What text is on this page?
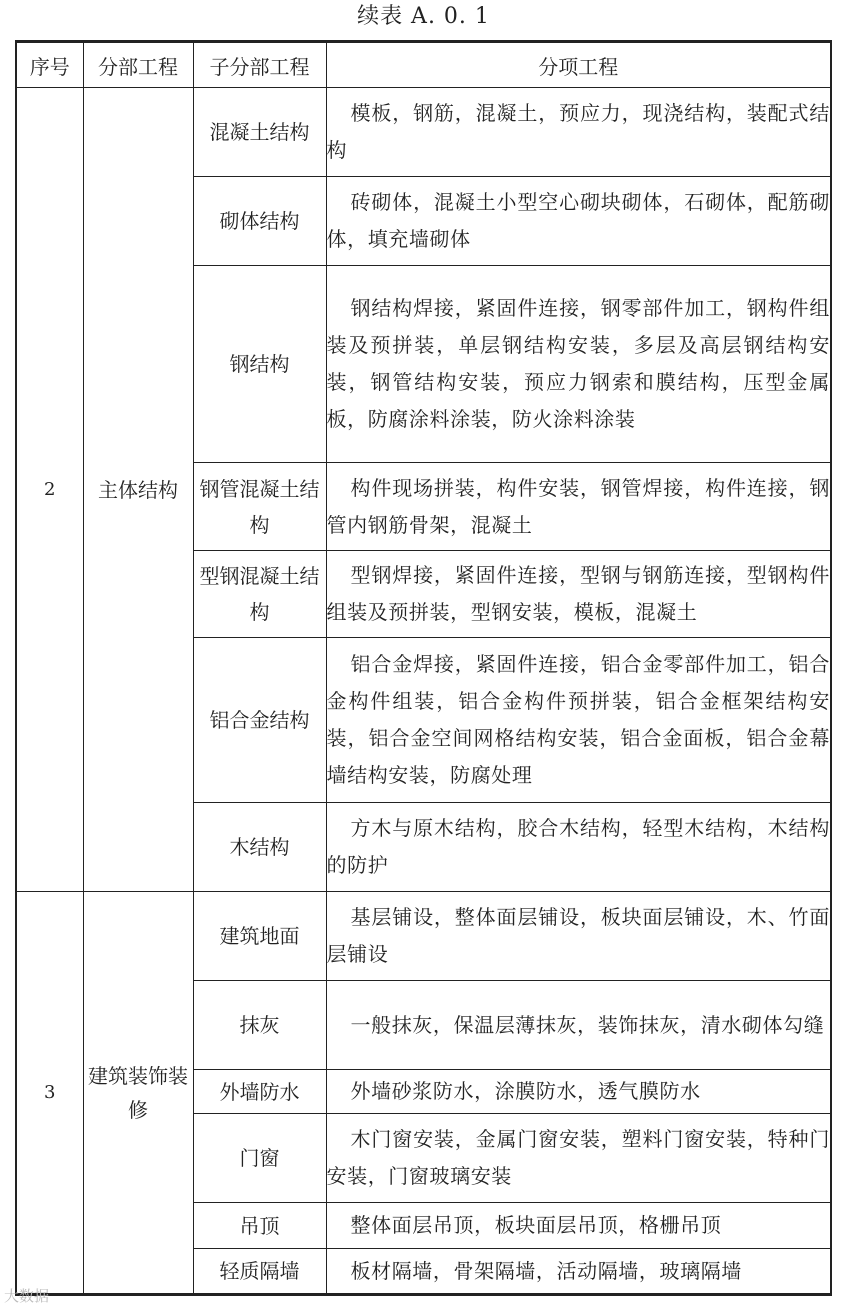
续表 A. 0. 1
序号	分部工程	子分部工程	分项工程
2	主体结构	混凝土结构	模板，钢筋，混凝土，预应力，现浇结构，装配式结构

		砌体结构	砖砌体，混凝土小型空心砌块砌体，石砌体，配筋砌体，填充墙砌体

		钢结构	钢结构焊接，紧固件连接，钢零部件加工，钢构件组装及预拼装，单层钢结构安装，多层及高层钢结构安装，钢管结构安装，预应力钢索和膜结构，压型金属板，防腐涂料涂装，防火涂料涂装

		钢管混凝土结构	构件现场拼装，构件安装，钢管焊接，构件连接，钢管内钢筋骨架，混凝土

		型钢混凝土结构	型钢焊接，紧固件连接，型钢与钢筋连接，型钢构件组装及预拼装，型钢安装，模板，混凝土

		铝合金结构	铝合金焊接，紧固件连接，铝合金零部件加工，铝合金构件组装，铝合金构件预拼装，铝合金框架结构安装，铝合金空间网格结构安装，铝合金面板，铝合金幕墙结构安装，防腐处理

		木结构	方木与原木结构，胶合木结构，轻型木结构，木结构的防护

3	建筑装饰装修	建筑地面	基层铺设，整体面层铺设，板块面层铺设，木、竹面层铺设

		抹灰	一般抹灰，保温层薄抹灰，装饰抹灰，清水砌体勾缝

		外墙防水	外墙砂浆防水，涂膜防水，透气膜防水

		门窗	木门窗安装，金属门窗安装，塑料门窗安装，特种门安装，门窗玻璃安装

		吊顶	整体面层吊顶，板块面层吊顶，格栅吊顶

		轻质隔墙	板材隔墙，骨架隔墙，活动隔墙，玻璃隔墙
大数据
